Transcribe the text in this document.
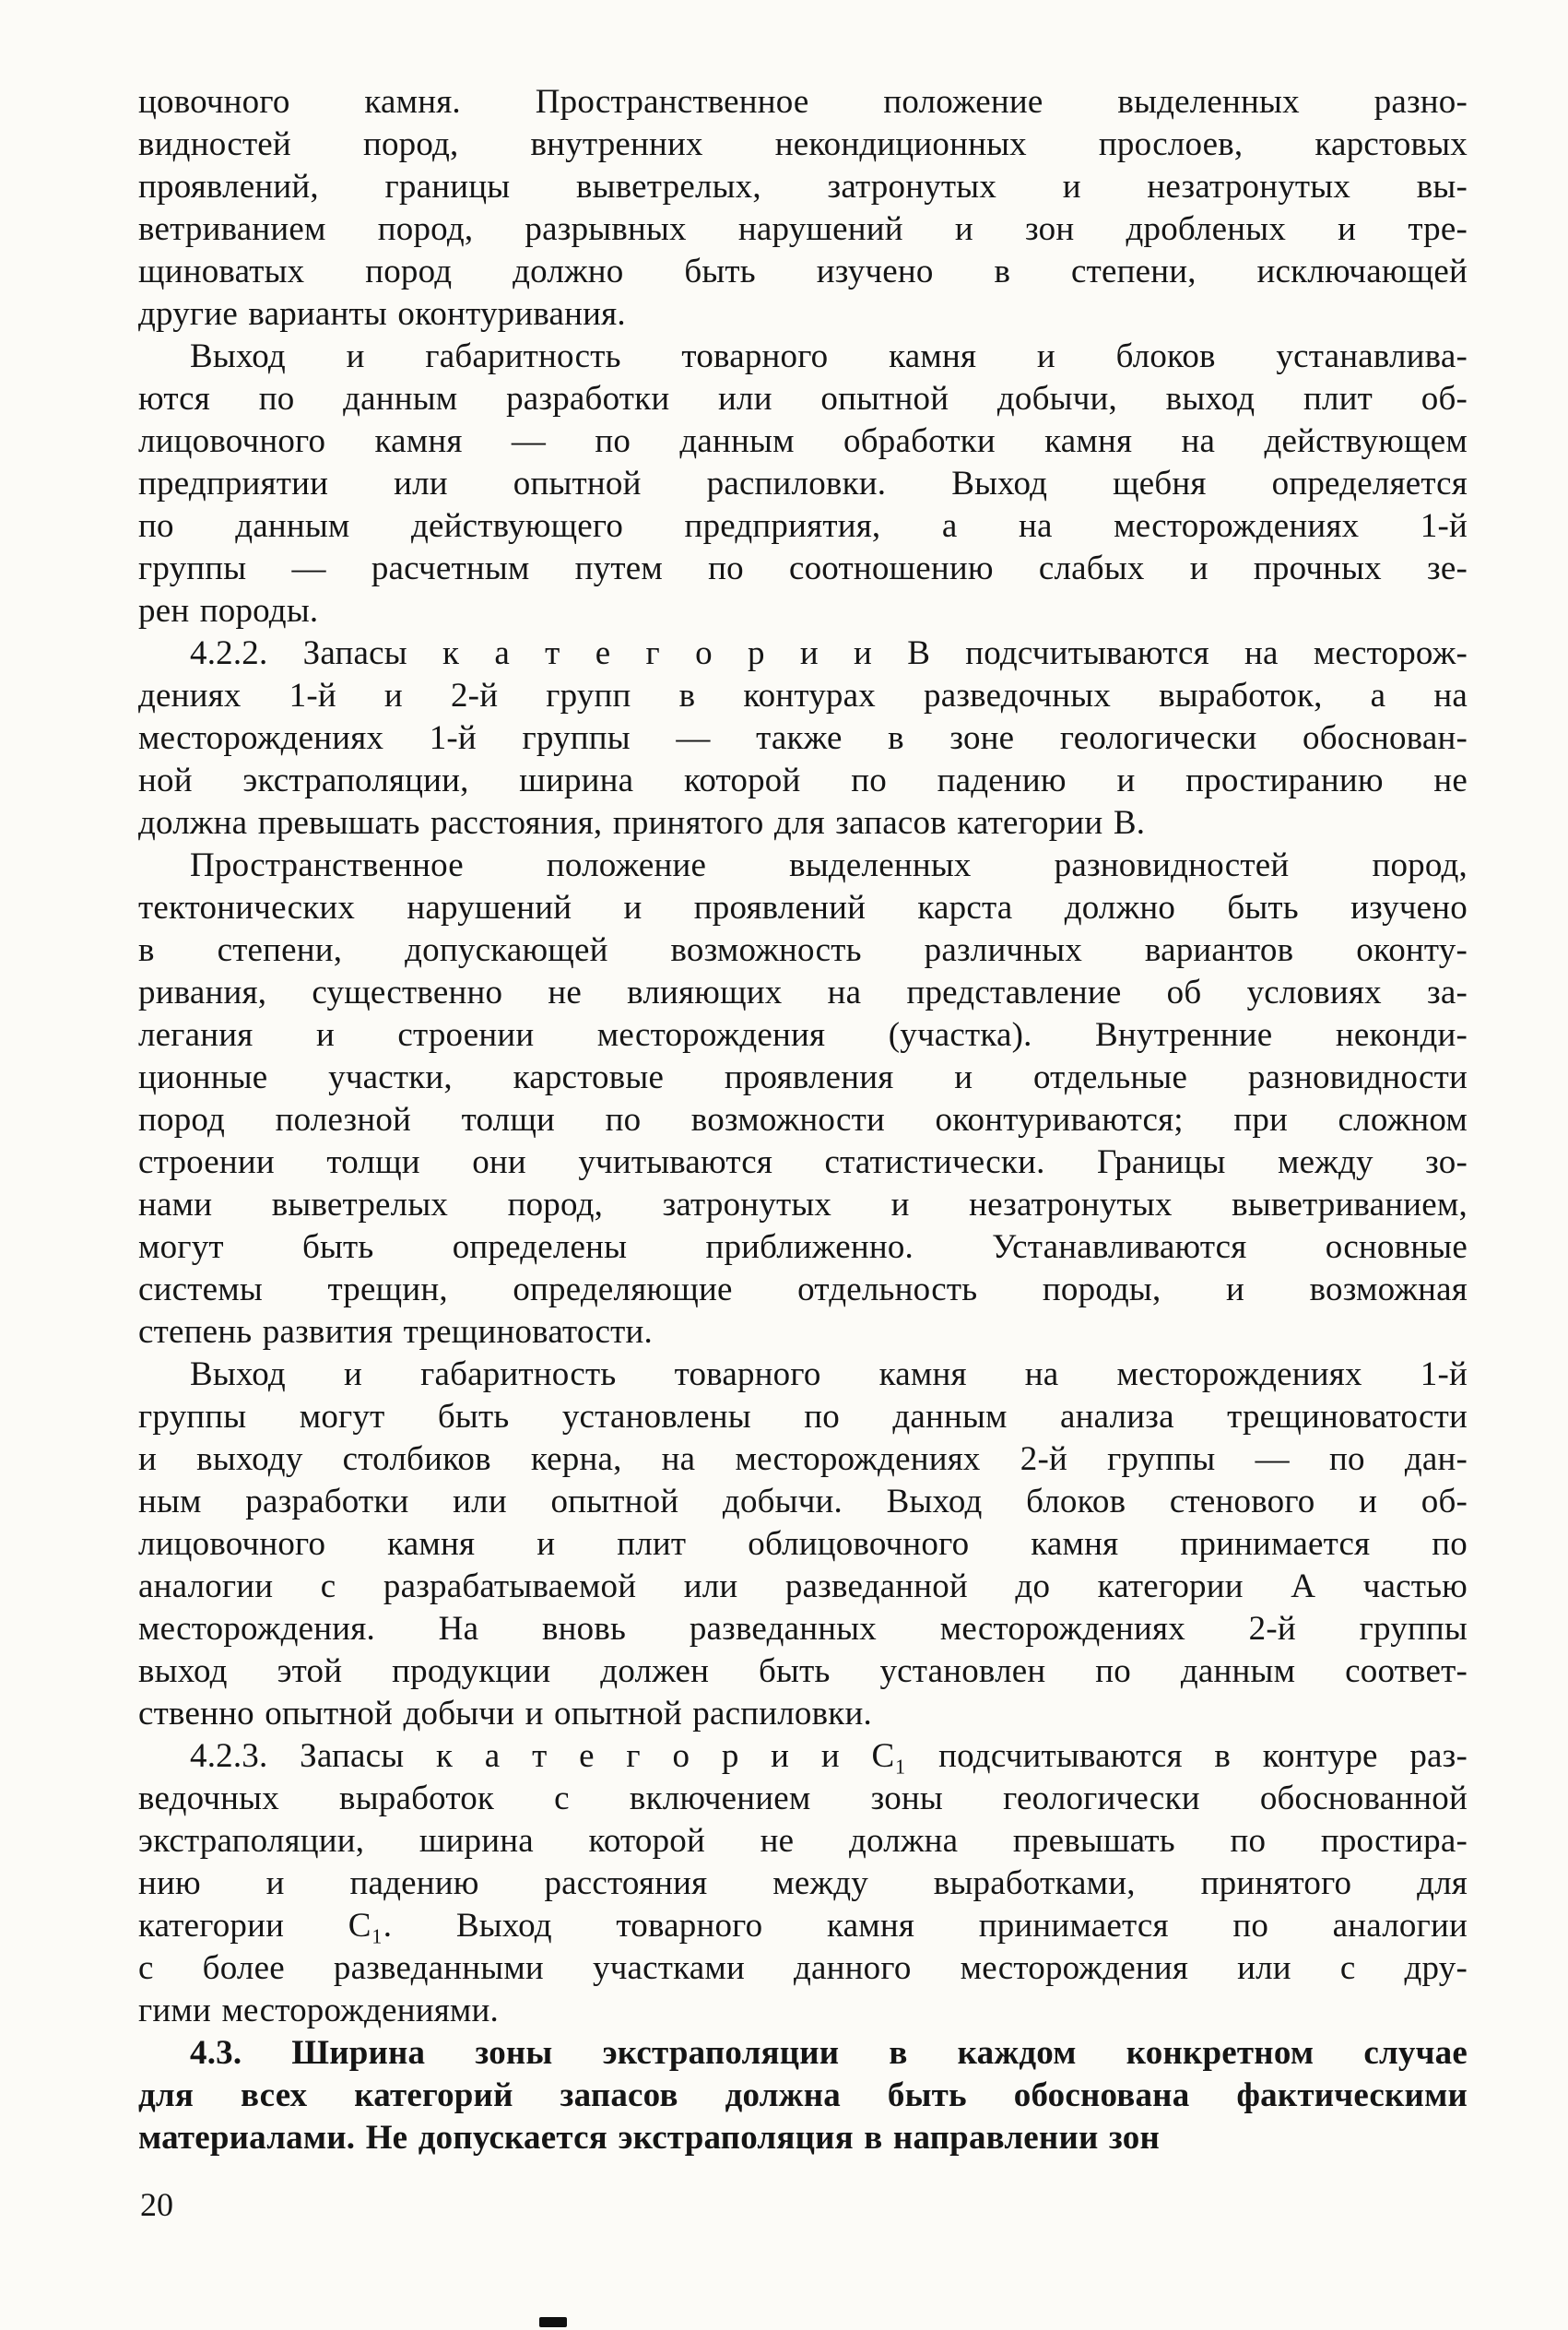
цовочного камня. Пространственное положение выделенных разно-
видностей пород, внутренних некондиционных прослоев, карстовых
проявлений, границы выветрелых, затронутых и незатронутых вы-
ветриванием пород, разрывных нарушений и зон дробленых и тре-
щиноватых пород должно быть изучено в степени, исключающей
другие варианты оконтуривания.
Выход и габаритность товарного камня и блоков устанавлива-
ются по данным разработки или опытной добычи, выход плит об-
лицовочного камня — по данным обработки камня на действующем
предприятии или опытной распиловки. Выход щебня определяется
по данным действующего предприятия, а на месторождениях 1-й
группы — расчетным путем по соотношению слабых и прочных зе-
рен породы.
4.2.2. Запасы к а т е г о р и и В подсчитываются на месторож-
дениях 1-й и 2-й групп в контурах разведочных выработок, а на
месторождениях 1-й группы — также в зоне геологически обоснован-
ной экстраполяции, ширина которой по падению и простиранию не
должна превышать расстояния, принятого для запасов категории В.
Пространственное положение выделенных разновидностей пород,
тектонических нарушений и проявлений карста должно быть изучено
в степени, допускающей возможность различных вариантов оконту-
ривания, существенно не влияющих на представление об условиях за-
легания и строении месторождения (участка). Внутренние неконди-
ционные участки, карстовые проявления и отдельные разновидности
пород полезной толщи по возможности оконтуриваются; при сложном
строении толщи они учитываются статистически. Границы между зо-
нами выветрелых пород, затронутых и незатронутых выветриванием,
могут быть определены приближенно. Устанавливаются основные
системы трещин, определяющие отдельность породы, и возможная
степень развития трещиноватости.
Выход и габаритность товарного камня на месторождениях 1-й
группы могут быть установлены по данным анализа трещиноватости
и выходу столбиков керна, на месторождениях 2-й группы — по дан-
ным разработки или опытной добычи. Выход блоков стенового и об-
лицовочного камня и плит облицовочного камня принимается по
аналогии с разрабатываемой или разведанной до категории А частью
месторождения. На вновь разведанных месторождениях 2-й группы
выход этой продукции должен быть установлен по данным соответ-
ственно опытной добычи и опытной распиловки.
4.2.3. Запасы к а т е г о р и и С₁ подсчитываются в контуре раз-
ведочных выработок с включением зоны геологически обоснованной
экстраполяции, ширина которой не должна превышать по простира-
нию и падению расстояния между выработками, принятого для
категории С₁. Выход товарного камня принимается по аналогии
с более разведанными участками данного месторождения или с дру-
гими месторождениями.
4.3. Ширина зоны экстраполяции в каждом конкретном случае
для всех категорий запасов должна быть обоснована фактическими
материалами. Не допускается экстраполяция в направлении зон
20
